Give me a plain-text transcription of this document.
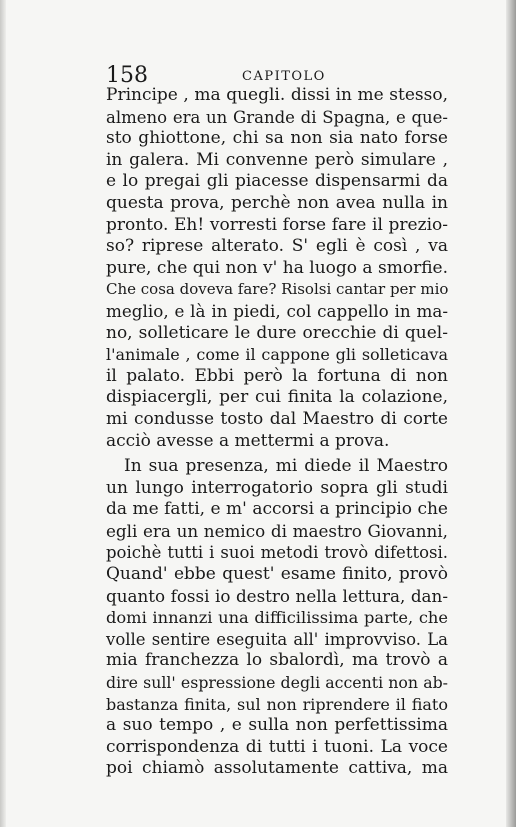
158	CAPITOLO
Principe , ma quegli. dissi in me stesso,
almeno era un Grande di Spagna, e que-
sto ghiottone, chi sa non sia nato forse
in galera. Mi convenne però simulare ,
e lo pregai gli piacesse dispensarmi da
questa prova, perchè non avea nulla in
pronto. Eh! vorresti forse fare il prezio-
so? riprese alterato. S' egli è così , va
pure, che qui non v' ha luogo a smorfie.
Che cosa doveva fare? Risolsi cantar per mio
meglio, e là in piedi, col cappello in ma-
no, solleticare le dure orecchie di quel-
l'animale , come il cappone gli solleticava
il palato. Ebbi però la fortuna di non
dispiacergli, per cui finita la colazione,
mi condusse tosto dal Maestro di corte
acciò avesse a mettermi a prova.
In sua presenza, mi diede il Maestro
un lungo interrogatorio sopra gli studi
da me fatti, e m' accorsi a principio che
egli era un nemico di maestro Giovanni,
poichè tutti i suoi metodi trovò difettosi.
Quand' ebbe quest' esame finito, provò
quanto fossi io destro nella lettura, dan-
domi innanzi una difficilissima parte, che
volle sentire eseguita all' improvviso. La
mia franchezza lo sbalordì, ma trovò a
dire sull' espressione degli accenti non ab-
bastanza finita, sul non riprendere il fiato
a suo tempo , e sulla non perfettissima
corrispondenza di tutti i tuoni. La voce
poi chiamò assolutamente cattiva, ma
